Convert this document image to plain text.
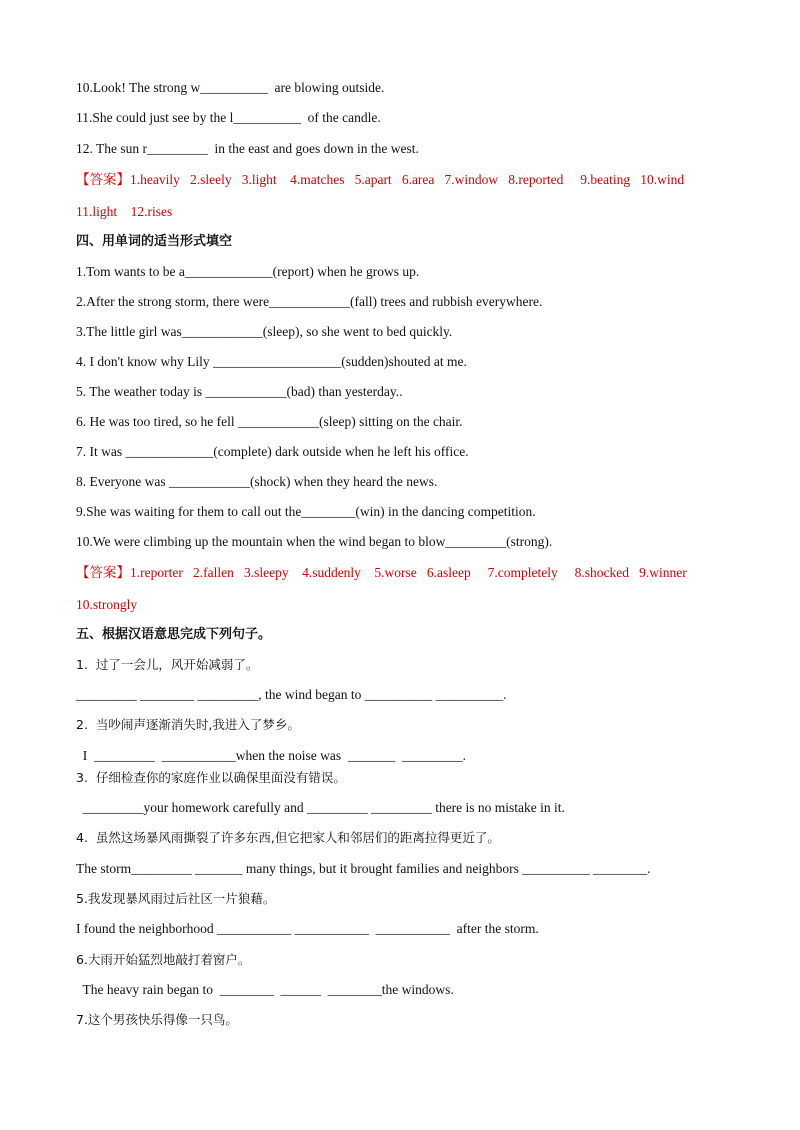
10.Look! The strong w__________  are blowing outside.
11.She could just see by the l__________  of the candle.
12. The sun r_________  in the east and goes down in the west.
【答案】1.heavily   2.sleely   3.light    4.matches   5.apart   6.area   7.window   8.reported     9.beating   10.wind
11.light    12.rises
四、用单词的适当形式填空
1.Tom wants to be a_____________(report) when he grows up.
2.After the strong storm, there were____________(fall) trees and rubbish everywhere.
3.The little girl was____________(sleep), so she went to bed quickly.
4. I don't know why Lily ___________________(sudden)shouted at me.
5. The weather today is ____________(bad) than yesterday..
6. He was too tired, so he fell ____________(sleep) sitting on the chair.
7. It was _____________(complete) dark outside when he left his office.
8. Everyone was ____________(shock) when they heard the news.
9.She was waiting for them to call out the________(win) in the dancing competition.
10.We were climbing up the mountain when the wind began to blow_________(strong).
【答案】1.reporter   2.fallen   3.sleepy    4.suddenly    5.worse   6.asleep     7.completely     8.shocked   9.winner
10.strongly
五、根据汉语意思完成下列句子。
1.  过了一会儿，风开始减弱了。
_________ ________ _________, the wind began to __________ __________.
2.  当吵闹声逐渐消失时,我进入了梦乡。
I  _________  ___________when the noise was  _______  _________.
3.  仔细检查你的家庭作业以确保里面没有错误。
_________your homework carefully and _________ _________ there is no mistake in it.
4.  虽然这场暴风雨撕裂了许多东西,但它把家人和邻居们的距离拉得更近了。
The storm_________ _______ many things, but it brought families and neighbors __________ ________.
5.我发现暴风雨过后社区一片狼藉。
I found the neighborhood ___________ ___________  ___________  after the storm.
6.大雨开始猛烈地敲打着窗户。
The heavy rain began to  ________  ______  ________the windows.
7.这个男孩快乐得像一只鸟。
